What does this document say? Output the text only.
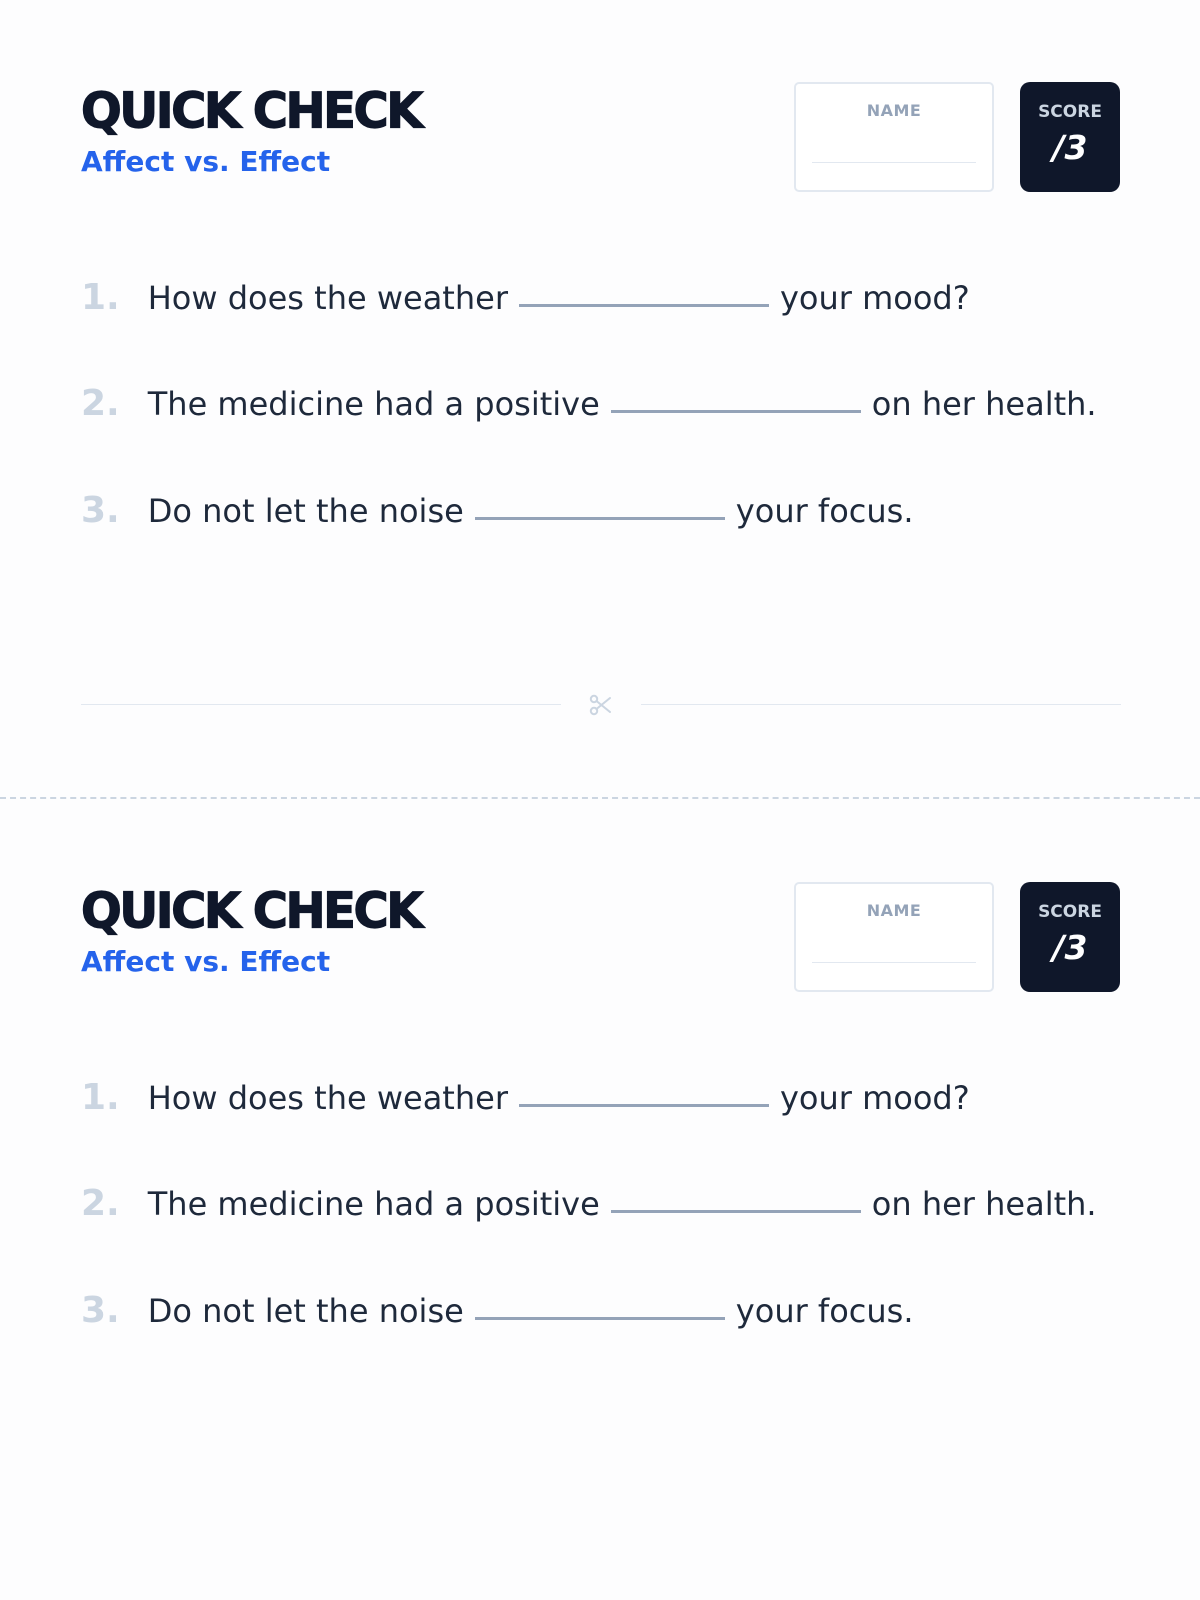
QUICK CHECK
Affect vs. Effect
NAME	SCORE
/3
1. How does the weather	your mood?
2. The medicine had a positive	on her health.
3. Do not let the noise	your focus.
QUICK CHECK
Affect vs. Effect
NAME	SCORE
/3
1. How does the weather	your mood?
2. The medicine had a positive	on her health.
3. Do not let the noise	your focus.
